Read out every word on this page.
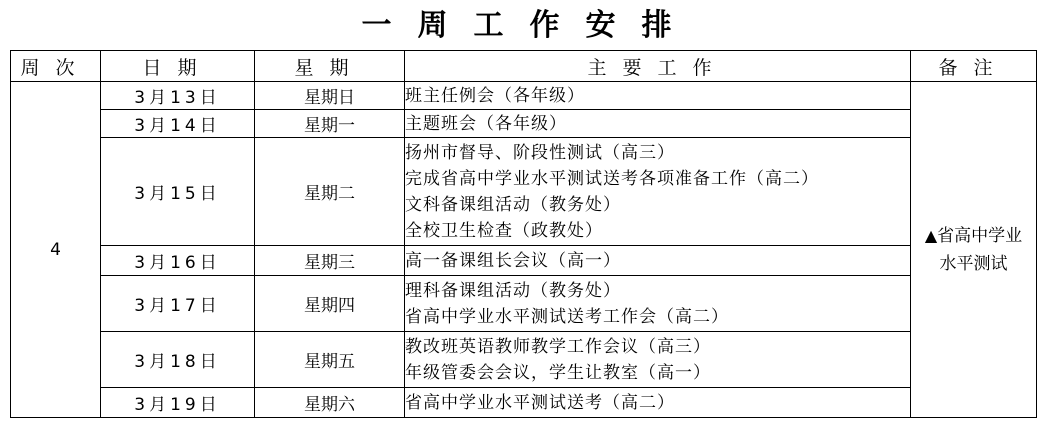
一周工作安排
周次	日期	星期	主要工作	备注
4	3月13日	星期日	班主任例会（各年级）	▲省高中学业水平测试
	3月14日	星期一	主题班会（各年级）	

	3月15日	星期二	扬州市督导、阶段性测试（高三）
完成省高中学业水平测试送考各项准备工作（高二）
文科备课组活动（教务处）
全校卫生检查（政教处）	

	3月16日	星期三	高一备课组长会议（高一）	

	3月17日	星期四	理科备课组活动（教务处）
省高中学业水平测试送考工作会（高二）	

	3月18日	星期五	教改班英语教师教学工作会议（高三）
年级管委会会议，学生让教室（高一）	

	3月19日	星期六	省高中学业水平测试送考（高二）	
